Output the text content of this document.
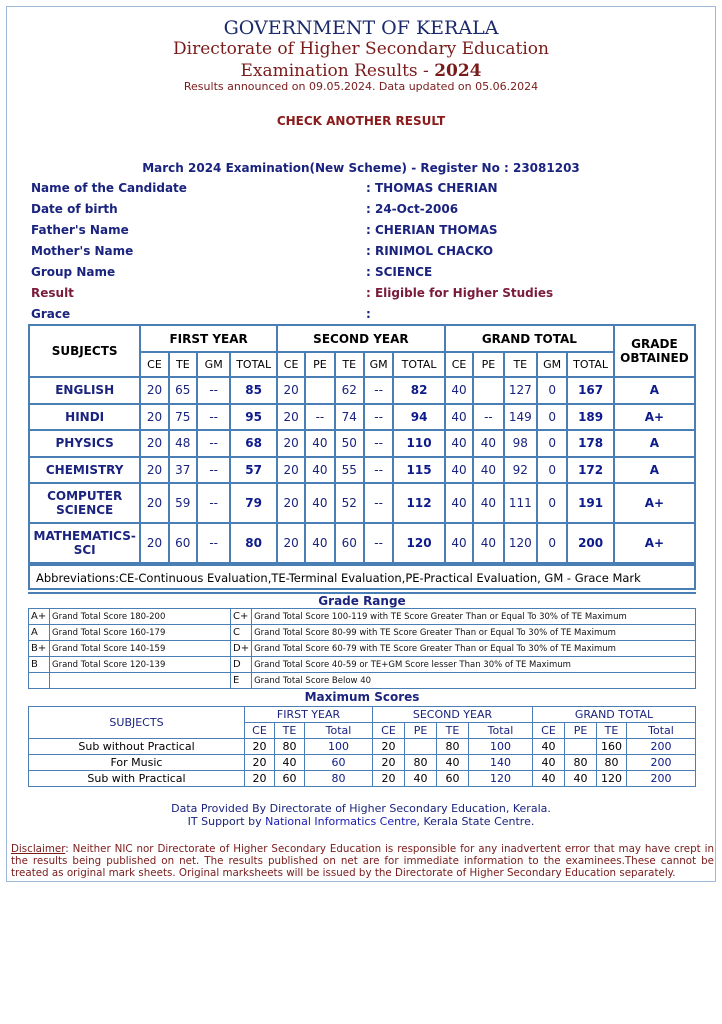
GOVERNMENT OF KERALA
Directorate of Higher Secondary Education
Examination Results - 2024
Results announced on 09.05.2024. Data updated on 05.06.2024
CHECK ANOTHER RESULT
March 2024 Examination(New Scheme) - Register No : 23081203
Name of the Candidate	: THOMAS CHERIAN
Date of birth	: 24-Oct-2006
Father's Name	: CHERIAN THOMAS
Mother's Name	: RINIMOL CHACKO
Group Name	: SCIENCE
Result	: Eligible for Higher Studies
Grace	:
SUBJECTS	FIRST YEAR				SECOND YEAR					GRAND TOTAL					GRADE OBTAINED
	CE	TE	GM	TOTAL	CE	PE	TE	GM	TOTAL	CE	PE	TE	GM	TOTAL	
ENGLISH	20	65	--	85	20		62	--	82	40		127	0	167	A
HINDI	20	75	--	95	20	--	74	--	94	40	--	149	0	189	A+
PHYSICS	20	48	--	68	20	40	50	--	110	40	40	98	0	178	A
CHEMISTRY	20	37	--	57	20	40	55	--	115	40	40	92	0	172	A
COMPUTER SCIENCE	20	59	--	79	20	40	52	--	112	40	40	111	0	191	A+
MATHEMATICS-SCI	20	60	--	80	20	40	60	--	120	40	40	120	0	200	A+
Abbreviations:CE-Continuous Evaluation,TE-Terminal Evaluation,PE-Practical Evaluation, GM - Grace Mark
Grade Range
A+	Grand Total Score 180-200	C+	Grand Total Score 100-119 with TE Score Greater Than or Equal To 30% of TE Maximum
A	Grand Total Score 160-179	C	Grand Total Score 80-99 with TE Score Greater Than or Equal To 30% of TE Maximum
B+	Grand Total Score 140-159	D+	Grand Total Score 60-79 with TE Score Greater Than or Equal To 30% of TE Maximum
B	Grand Total Score 120-139	D	Grand Total Score 40-59 or TE+GM Score lesser Than 30% of TE Maximum
		E	Grand Total Score Below 40
Maximum Scores
SUBJECTS	FIRST YEAR			SECOND YEAR				GRAND TOTAL			
	CE	TE	Total	CE	PE	TE	Total	CE	PE	TE	Total
Sub without Practical	20	80	100	20		80	100	40		160	200
For Music	20	40	60	20	80	40	140	40	80	80	200
Sub with Practical	20	60	80	20	40	60	120	40	40	120	200
Data Provided By Directorate of Higher Secondary Education, Kerala.
IT Support by National Informatics Centre, Kerala State Centre.
Disclaimer: Neither NIC nor Directorate of Higher Secondary Education is responsible for any inadvertent error that may have crept in the results being published on net. The results published on net are for immediate information to the examinees.These cannot be treated as original mark sheets. Original marksheets will be issued by the Directorate of Higher Secondary Education separately.
